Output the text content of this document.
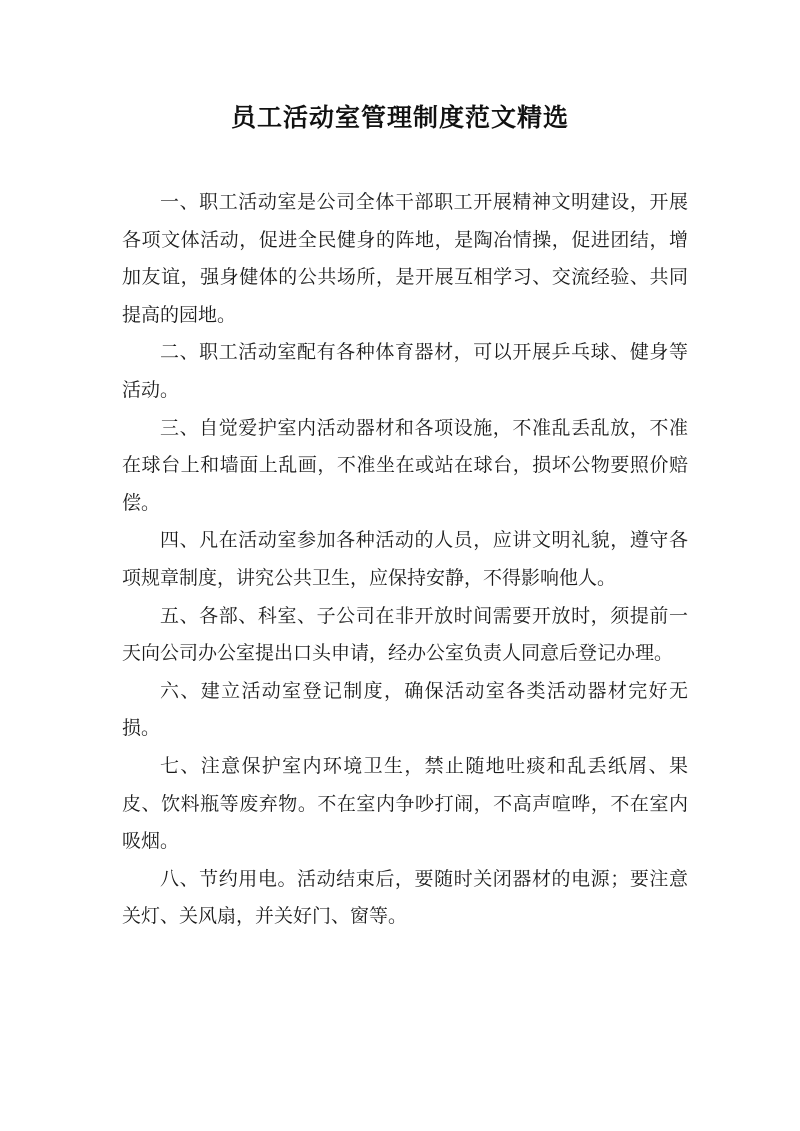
员工活动室管理制度范文精选

一、职工活动室是公司全体干部职工开展精神文明建设，开展各项文体活动，促进全民健身的阵地，是陶冶情操，促进团结，增加友谊，强身健体的公共场所，是开展互相学习、交流经验、共同提高的园地。

二、职工活动室配有各种体育器材，可以开展乒乓球、健身等活动。

三、自觉爱护室内活动器材和各项设施，不准乱丢乱放，不准在球台上和墙面上乱画，不准坐在或站在球台，损坏公物要照价赔偿。

四、凡在活动室参加各种活动的人员，应讲文明礼貌，遵守各项规章制度，讲究公共卫生，应保持安静，不得影响他人。

五、各部、科室、子公司在非开放时间需要开放时，须提前一天向公司办公室提出口头申请，经办公室负责人同意后登记办理。

六、建立活动室登记制度，确保活动室各类活动器材完好无损。

七、注意保护室内环境卫生，禁止随地吐痰和乱丢纸屑、果皮、饮料瓶等废弃物。不在室内争吵打闹，不高声喧哗，不在室内吸烟。

八、节约用电。活动结束后，要随时关闭器材的电源；要注意关灯、关风扇，并关好门、窗等。
